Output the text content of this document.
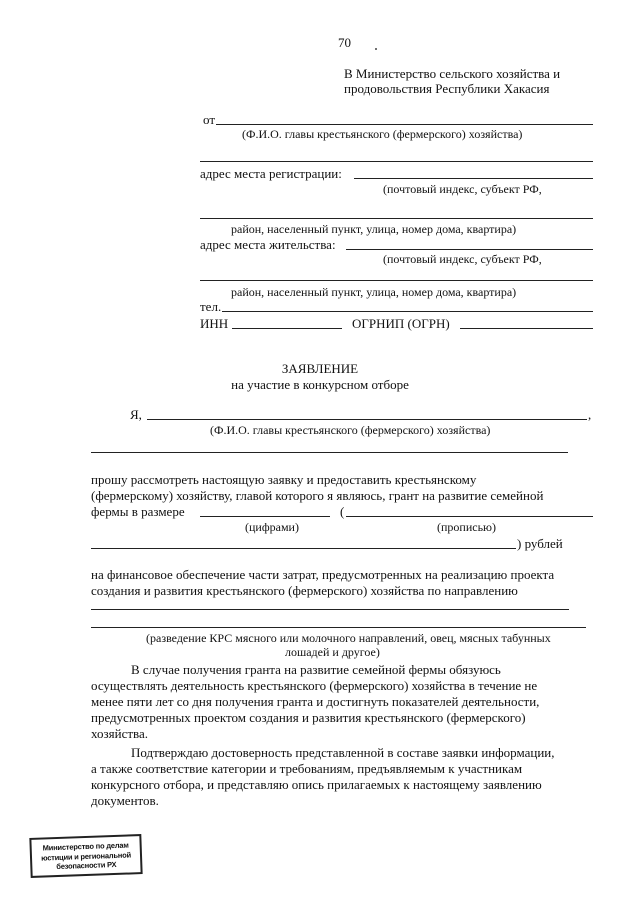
70
В Министерство сельского хозяйства и
продовольствия Республики Хакасия
от
(Ф.И.О. главы крестьянского (фермерского) хозяйства)
адрес места регистрации:
(почтовый индекс, субъект РФ,
район, населенный пункт, улица, номер дома, квартира)
адрес места жительства:
(почтовый индекс, субъект РФ,
район, населенный пункт, улица, номер дома, квартира)
тел.
ИНН	ОГРНИП (ОГРН)
ЗАЯВЛЕНИЕ
на участие в конкурсном отборе
Я,	,
(Ф.И.О. главы крестьянского (фермерского) хозяйства)
прошу рассмотреть настоящую заявку и предоставить крестьянскому
(фермерскому) хозяйству, главой которого я являюсь, грант на развитие семейной
фермы в размере	(
(цифрами)	(прописью)
) рублей
на финансовое обеспечение части затрат, предусмотренных на реализацию проекта
создания и развития крестьянского (фермерского) хозяйства по направлению
(разведение КРС мясного или молочного направлений, овец, мясных табунных
лошадей и другое)
В случае получения гранта на развитие семейной фермы обязуюсь
осуществлять деятельность крестьянского (фермерского) хозяйства в течение не
менее пяти лет со дня получения гранта и достигнуть показателей деятельности,
предусмотренных проектом создания и развития крестьянского (фермерского)
хозяйства.
Подтверждаю достоверность представленной в составе заявки информации,
а также соответствие категории и требованиям, предъявляемым к участникам
конкурсного отбора, и представляю опись прилагаемых к настоящему заявлению
документов.
Министерство по делам
юстиции и региональной
безопасности РХ
